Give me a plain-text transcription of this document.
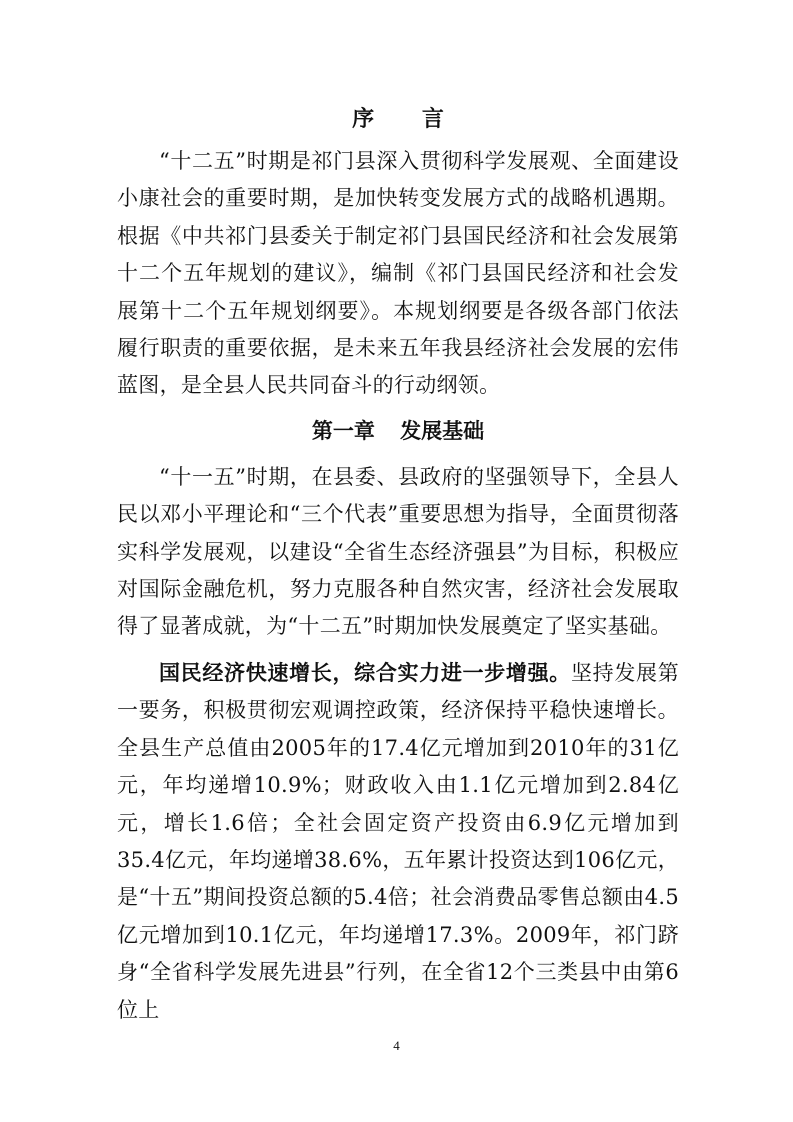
序 言

“十二五”时期是祁门县深入贯彻科学发展观、全面建设小康社会的重要时期，是加快转变发展方式的战略机遇期。根据《中共祁门县委关于制定祁门县国民经济和社会发展第十二个五年规划的建议》，编制《祁门县国民经济和社会发展第十二个五年规划纲要》。本规划纲要是各级各部门依法履行职责的重要依据，是未来五年我县经济社会发展的宏伟蓝图，是全县人民共同奋斗的行动纲领。

第一章 发展基础

“十一五”时期，在县委、县政府的坚强领导下，全县人民以邓小平理论和“三个代表”重要思想为指导，全面贯彻落实科学发展观，以建设“全省生态经济强县”为目标，积极应对国际金融危机，努力克服各种自然灾害，经济社会发展取得了显著成就，为“十二五”时期加快发展奠定了坚实基础。

国民经济快速增长，综合实力进一步增强。坚持发展第一要务，积极贯彻宏观调控政策，经济保持平稳快速增长。全县生产总值由2005年的17.4亿元增加到2010年的31亿元，年均递增10.9%；财政收入由1.1亿元增加到2.84亿元，增长1.6倍；全社会固定资产投资由6.9亿元增加到35.4亿元，年均递增38.6%，五年累计投资达到106亿元，是“十五”期间投资总额的5.4倍；社会消费品零售总额由4.5亿元增加到10.1亿元，年均递增17.3%。2009年，祁门跻身“全省科学发展先进县”行列，在全省12个三类县中由第6位上

4
